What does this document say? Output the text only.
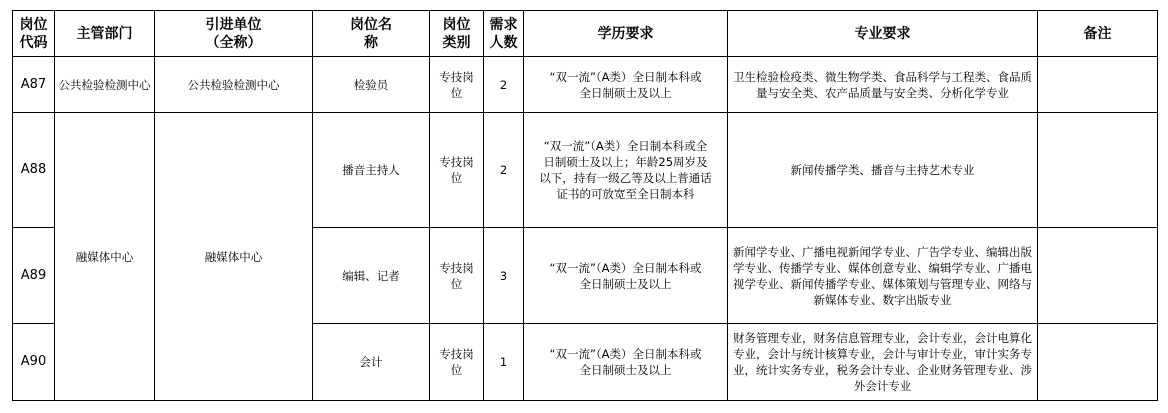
岗位代码	主管部门	引进单位（全称）	岗位名称	岗位类别	需求人数	学历要求	专业要求	备注
A87	公共检验检测中心	公共检验检测中心	检验员	专技岗位	2	“双一流”（A类）全日制本科或全日制硕士及以上	卫生检验检疫类、微生物学类、食品科学与工程类、食品质量与安全类、农产品质量与安全类、分析化学专业	
A88	融媒体中心	融媒体中心	播音主持人	专技岗位	2	“双一流”（A类）全日制本科或全日制硕士及以上；年龄25周岁及以下，持有一级乙等及以上普通话证书的可放宽至全日制本科	新闻传播学类、播音与主持艺术专业	
A89			编辑、记者	专技岗位	3	“双一流”（A类）全日制本科或全日制硕士及以上	新闻学专业、广播电视新闻学专业、广告学专业、编辑出版学专业、传播学专业、媒体创意专业、编辑学专业、广播电视学专业、新闻传播学专业、媒体策划与管理专业、网络与新媒体专业、数字出版专业	
A90			会计	专技岗位	1	“双一流”（A类）全日制本科或全日制硕士及以上	财务管理专业，财务信息管理专业，会计专业，会计电算化专业，会计与统计核算专业，会计与审计专业，审计实务专业，统计实务专业，税务会计专业、企业财务管理专业、涉外会计专业	
